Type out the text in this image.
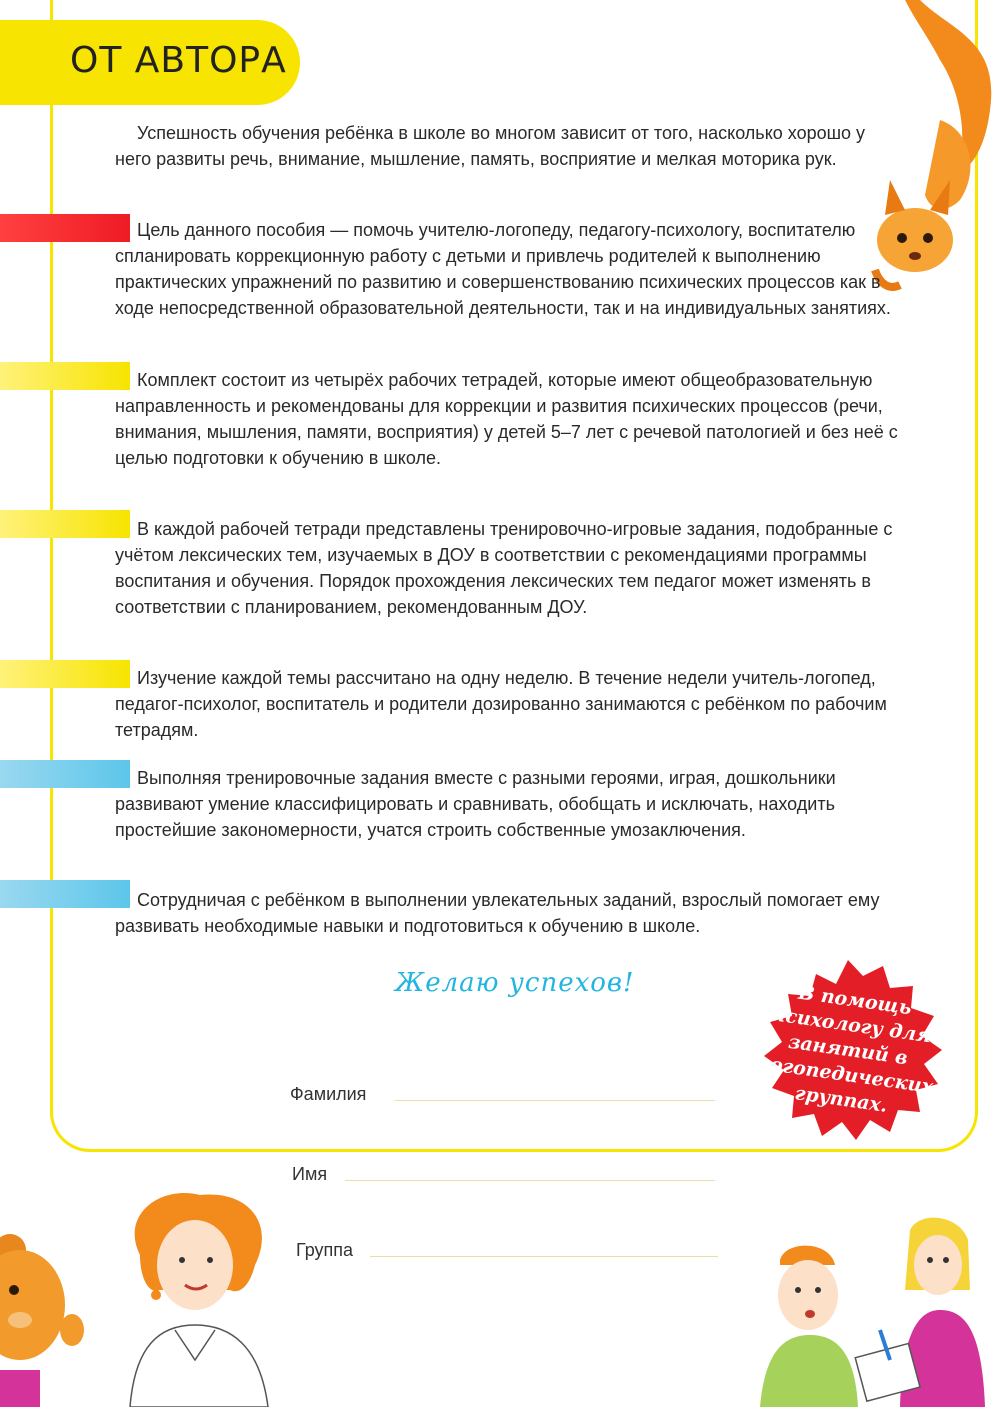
ОТ АВТОРА

Успешность обучения ребёнка в школе во многом зависит от того, насколько хорошо у него развиты речь, внимание, мышление, память, восприятие и мелкая моторика рук.

Цель данного пособия — помочь учителю-логопеду, педагогу-психологу, воспитателю спланировать коррекционную работу с детьми и привлечь родителей к выполнению практических упражнений по развитию и совершенствованию психических процессов как в ходе непосредственной образовательной деятельности, так и на индивидуальных занятиях.

Комплект состоит из четырёх рабочих тетрадей, которые имеют общеобразовательную направленность и рекомендованы для коррекции и развития психических процессов (речи, внимания, мышления, памяти, восприятия) у детей 5–7 лет с речевой патологией и без неё с целью подготовки к обучению в школе.

В каждой рабочей тетради представлены тренировочно-игровые задания, подобранные с учётом лексических тем, изучаемых в ДОУ в соответствии с рекомендациями программы воспитания и обучения. Порядок прохождения лексических тем педагог может изменять в соответствии с планированием, рекомендованным ДОУ.

Изучение каждой темы рассчитано на одну неделю. В течение недели учитель-логопед, педагог-психолог, воспитатель и родители дозированно занимаются с ребёнком по рабочим тетрадям.

Выполняя тренировочные задания вместе с разными героями, играя, дошкольники развивают умение классифицировать и сравнивать, обобщать и исключать, находить простейшие закономерности, учатся строить собственные умозаключения.

Сотрудничая с ребёнком в выполнении увлекательных заданий, взрослый помогает ему развивать необходимые навыки и подготовиться к обучению в школе.

Желаю успехов!	В помощь психологу для занятий в логопедических группах.
Фамилия
Имя
Группа
